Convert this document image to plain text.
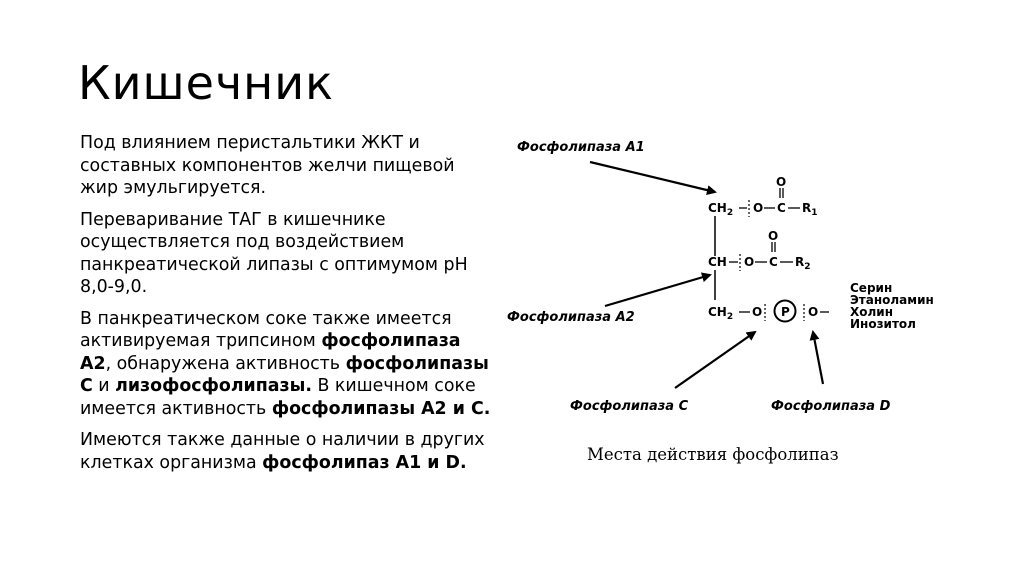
Кишечник

Под влиянием перистальтики ЖКТ и составных компонентов желчи пищевой жир эмульгируется.

Переваривание ТАГ в кишечнике осуществляется под воздействием панкреатической липазы с оптимумом рН 8,0-9,0.

В панкреатическом соке также имеется активируемая трипсином фосфолипаза А2, обнаружена активность фосфолипазы С и лизофосфолипазы. В кишечном соке имеется активность фосфолипазы А2 и С.

Имеются также данные о наличии в других клетках организма фосфолипаз А1 и D.

Фосфолипаза А1
Фосфолипаза А2
Фосфолипаза С	Фосфолипаза D
$CH_2$ O C
O
$R_1$
CH O C
O
$R_2$
$CH_2$ O P O
Серин
Этаноламин
Холин
Инозитол
Места действия фосфолипаз
